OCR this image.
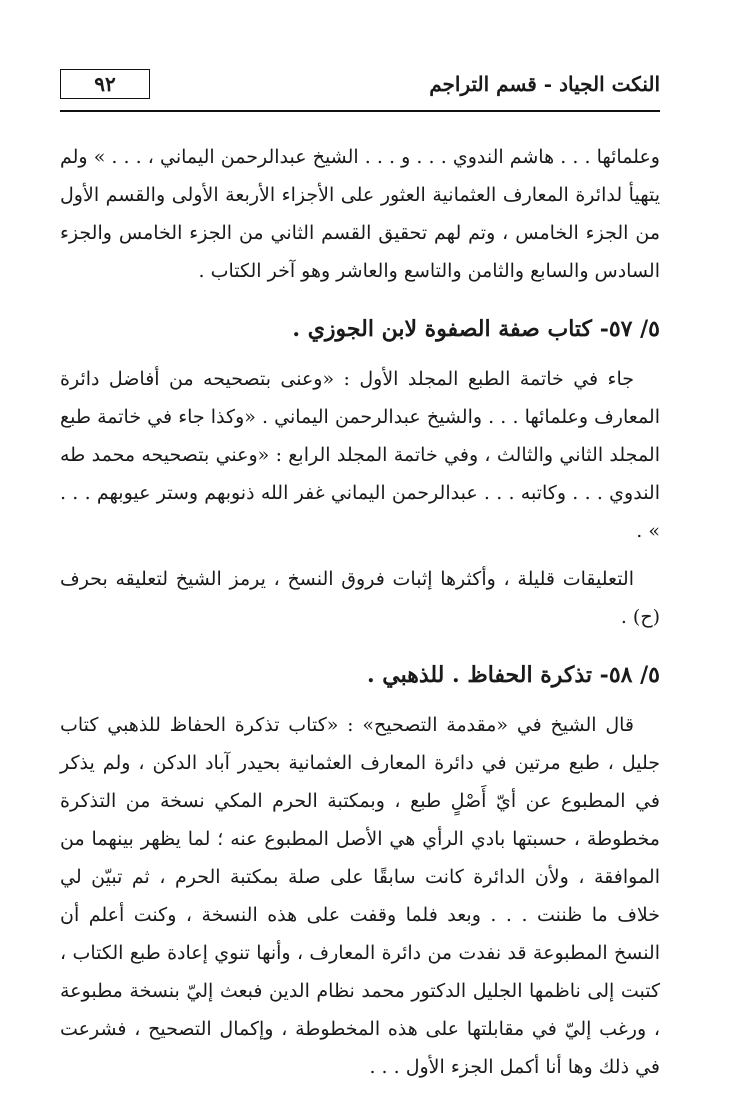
النكت الجياد - قسم التراجم
٩٢

وعلمائها . . . هاشم الندوي . . . و . . . الشيخ عبدالرحمن اليماني ، . . . » ولم يتهيأ لدائرة المعارف العثمانية العثور على الأجزاء الأربعة الأولى والقسم الأول من الجزء الخامس ، وتم لهم تحقيق القسم الثاني من الجزء الخامس والجزء السادس والسابع والثامن والتاسع والعاشر وهو آخر الكتاب .

٥/ ٥٧- كتاب صفة الصفوة لابن الجوزي .

جاء في خاتمة الطبع المجلد الأول : «وعنى بتصحيحه من أفاضل دائرة المعارف وعلمائها . . . والشيخ عبدالرحمن اليماني . «وكذا جاء في خاتمة طبع المجلد الثاني والثالث ، وفي خاتمة المجلد الرابع : «وعني بتصحيحه محمد طه الندوي . . . وكاتبه . . . عبدالرحمن اليماني غفر الله ذنوبهم وستر عيوبهم . . . » .

التعليقات قليلة ، وأكثرها إثبات فروق النسخ ، يرمز الشيخ لتعليقه بحرف (ح) .

٥/ ٥٨- تذكرة الحفاظ . للذهبي .

قال الشيخ في «مقدمة التصحيح» : «كتاب تذكرة الحفاظ للذهبي كتاب جليل ، طبع مرتين في دائرة المعارف العثمانية بحيدر آباد الدكن ، ولم يذكر في المطبوع عن أيّ أَصْلٍ طبع ، وبمكتبة الحرم المكي نسخة من التذكرة مخطوطة ، حسبتها بادي الرأي هي الأصل المطبوع عنه ؛ لما يظهر بينهما من الموافقة ، ولأن الدائرة كانت سابقًا على صلة بمكتبة الحرم ، ثم تبيّن لي خلاف ما ظننت . . . وبعد فلما وقفت على هذه النسخة ، وكنت أعلم أن النسخ المطبوعة قد نفدت من دائرة المعارف ، وأنها تنوي إعادة طبع الكتاب ، كتبت إلى ناظمها الجليل الدكتور محمد نظام الدين فبعث إليّ بنسخة مطبوعة ، ورغب إليّ في مقابلتها على هذه المخطوطة ، وإكمال التصحيح ، فشرعت في ذلك وها أنا أكمل الجزء الأول . . .
